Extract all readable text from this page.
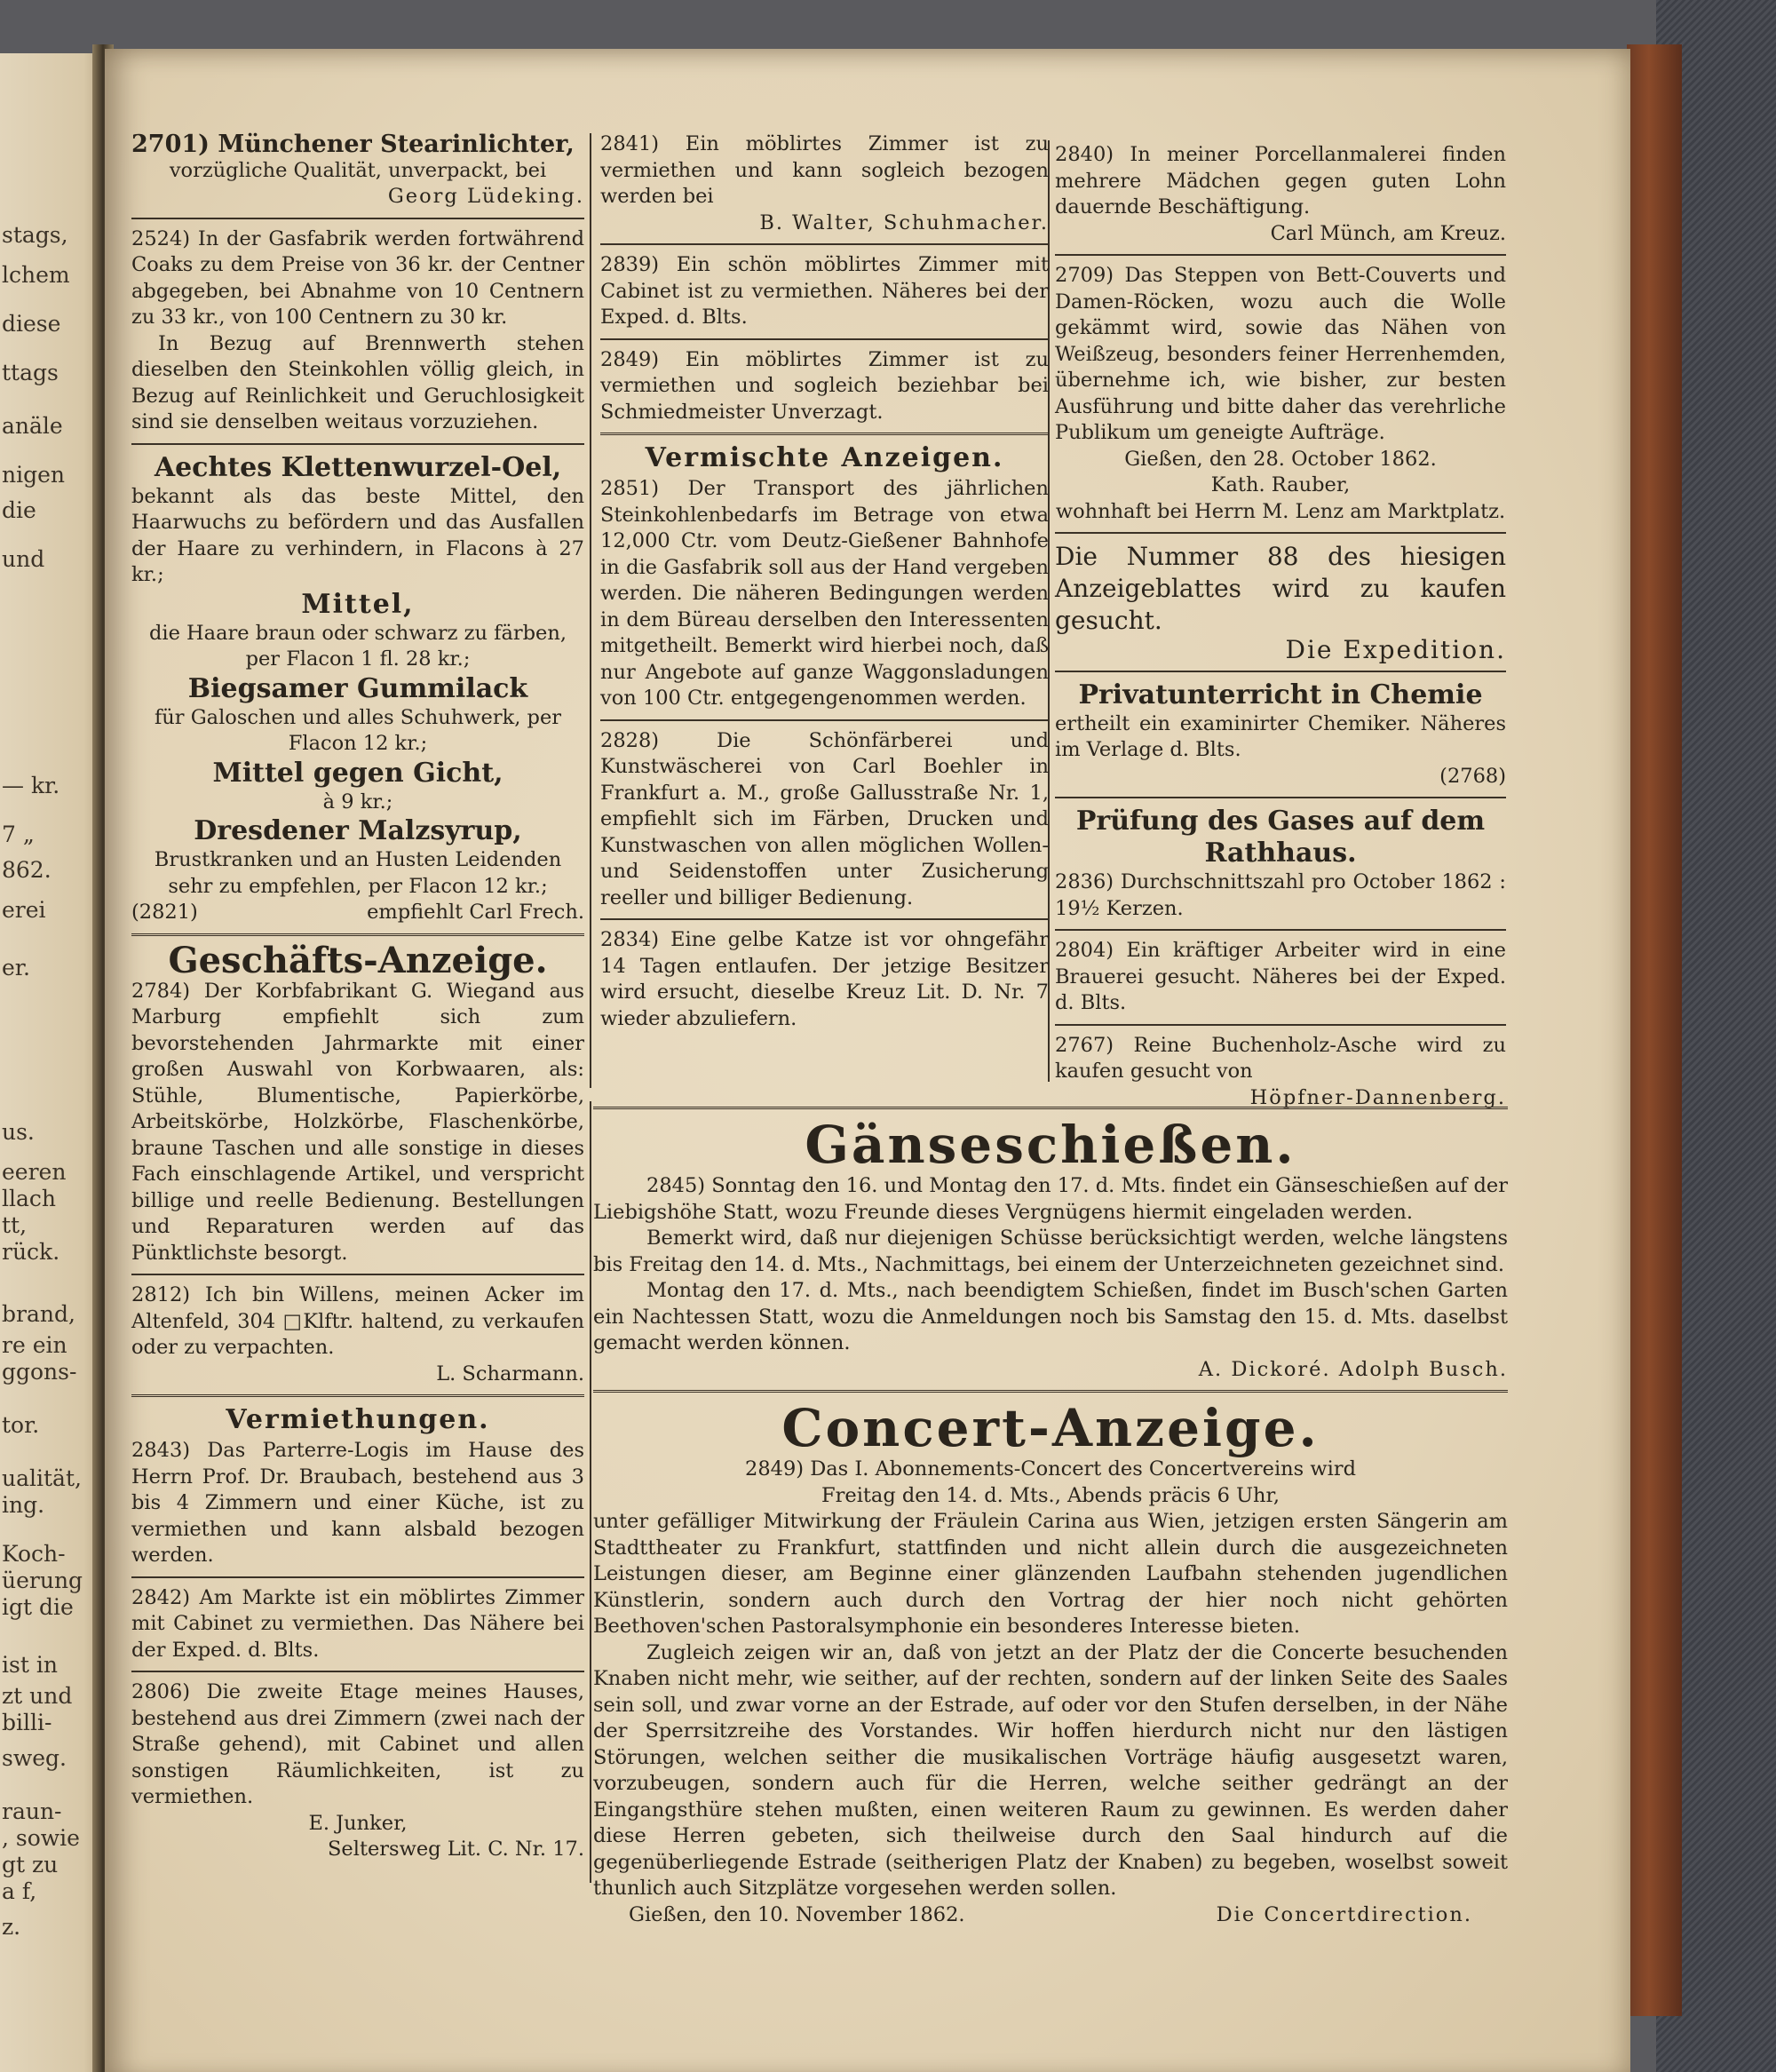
stags,
lchem
diese
ttags
anäle
nigen
die
und
— kr.
7 „
862.
erei
er.
us.
eeren
llach
tt,
rück.
brand,
re ein
ggons-
tor.
ualität,
ing.
Koch-
üerung
igt die
ist in
zt und
billi-
sweg.
raun-
, sowie
gt zu
a f,
z.

2701) Münchener Stearinlichter,

vorzügliche Qualität, unverpackt, bei

Georg Lüdeking.

2524) In der Gasfabrik werden fortwährend Coaks zu dem Preise von 36 kr. der Centner abgegeben, bei Abnahme von 10 Centnern zu 33 kr., von 100 Centnern zu 30 kr.

In Bezug auf Brennwerth stehen dieselben den Steinkohlen völlig gleich, in Bezug auf Reinlichkeit und Geruchlosigkeit sind sie denselben weitaus vorzuziehen.

Aechtes Klettenwurzel-Oel,

bekannt als das beste Mittel, den Haarwuchs zu befördern und das Ausfallen der Haare zu verhindern, in Flacons à 27 kr.;

Mittel,

die Haare braun oder schwarz zu färben, per Flacon 1 fl. 28 kr.;

Biegsamer Gummilack

für Galoschen und alles Schuhwerk, per Flacon 12 kr.;

Mittel gegen Gicht,

à 9 kr.;

Dresdener Malzsyrup,

Brustkranken und an Husten Leidenden sehr zu empfehlen, per Flacon 12 kr.;

(2821)	empfiehlt Carl Frech.

Geschäfts-Anzeige.

2784) Der Korbfabrikant G. Wiegand aus Marburg empfiehlt sich zum bevorstehenden Jahrmarkte mit einer großen Auswahl von Korbwaaren, als: Stühle, Blumentische, Papierkörbe, Arbeitskörbe, Holzkörbe, Flaschenkörbe, braune Taschen und alle sonstige in dieses Fach einschlagende Artikel, und verspricht billige und reelle Bedienung. Bestellungen und Reparaturen werden auf das Pünktlichste besorgt.

2812) Ich bin Willens, meinen Acker im Altenfeld, 304 □Klftr. haltend, zu verkaufen oder zu verpachten.

L. Scharmann.

Vermiethungen.

2843) Das Parterre-Logis im Hause des Herrn Prof. Dr. Braubach, bestehend aus 3 bis 4 Zimmern und einer Küche, ist zu vermiethen und kann alsbald bezogen werden.

2842) Am Markte ist ein möblirtes Zimmer mit Cabinet zu vermiethen. Das Nähere bei der Exped. d. Blts.

2806) Die zweite Etage meines Hauses, bestehend aus drei Zimmern (zwei nach der Straße gehend), mit Cabinet und allen sonstigen Räumlichkeiten, ist zu vermiethen.

E. Junker,

Seltersweg Lit. C. Nr. 17.

2841) Ein möblirtes Zimmer ist zu vermiethen und kann sogleich bezogen werden bei

B. Walter, Schuhmacher.

2839) Ein schön möblirtes Zimmer mit Cabinet ist zu vermiethen. Näheres bei der Exped. d. Blts.

2849) Ein möblirtes Zimmer ist zu vermiethen und sogleich beziehbar bei Schmiedmeister Unverzagt.

Vermischte Anzeigen.

2851) Der Transport des jährlichen Steinkohlenbedarfs im Betrage von etwa 12,000 Ctr. vom Deutz-Gießener Bahnhofe in die Gasfabrik soll aus der Hand vergeben werden. Die näheren Bedingungen werden in dem Büreau derselben den Interessenten mitgetheilt. Bemerkt wird hierbei noch, daß nur Angebote auf ganze Waggonsladungen von 100 Ctr. entgegengenommen werden.

2828) Die Schönfärberei und Kunstwäscherei von Carl Boehler in Frankfurt a. M., große Gallusstraße Nr. 1, empfiehlt sich im Färben, Drucken und Kunstwaschen von allen möglichen Wollen- und Seidenstoffen unter Zusicherung reeller und billiger Bedienung.

2834) Eine gelbe Katze ist vor ohngefähr 14 Tagen entlaufen. Der jetzige Besitzer wird ersucht, dieselbe Kreuz Lit. D. Nr. 7 wieder abzuliefern.

2840) In meiner Porcellanmalerei finden mehrere Mädchen gegen guten Lohn dauernde Beschäftigung.

Carl Münch, am Kreuz.

2709) Das Steppen von Bett-Couverts und Damen-Röcken, wozu auch die Wolle gekämmt wird, sowie das Nähen von Weißzeug, besonders feiner Herrenhemden, übernehme ich, wie bisher, zur besten Ausführung und bitte daher das verehrliche Publikum um geneigte Aufträge.

Gießen, den 28. October 1862.

Kath. Rauber,

wohnhaft bei Herrn M. Lenz am Marktplatz.

Die Nummer 88 des hiesigen Anzeigeblattes wird zu kaufen gesucht.

Die Expedition.

Privatunterricht in Chemie

ertheilt ein examinirter Chemiker. Näheres im Verlage d. Blts.

(2768)

Prüfung des Gases auf dem

Rathhaus.

2836) Durchschnittszahl pro October 1862 : 19½ Kerzen.

2804) Ein kräftiger Arbeiter wird in eine Brauerei gesucht. Näheres bei der Exped. d. Blts.

2767) Reine Buchenholz-Asche wird zu kaufen gesucht von

Höpfner-Dannenberg.

Gänseschießen.

2845) Sonntag den 16. und Montag den 17. d. Mts. findet ein Gänseschießen auf der Liebigshöhe Statt, wozu Freunde dieses Vergnügens hiermit eingeladen werden.

Bemerkt wird, daß nur diejenigen Schüsse berücksichtigt werden, welche längstens bis Freitag den 14. d. Mts., Nachmittags, bei einem der Unterzeichneten gezeichnet sind.

Montag den 17. d. Mts., nach beendigtem Schießen, findet im Busch'schen Garten ein Nachtessen Statt, wozu die Anmeldungen noch bis Samstag den 15. d. Mts. daselbst gemacht werden können.

A. Dickoré. Adolph Busch.

Concert-Anzeige.

2849) Das I. Abonnements-Concert des Concertvereins wird

Freitag den 14. d. Mts., Abends präcis 6 Uhr,

unter gefälliger Mitwirkung der Fräulein Carina aus Wien, jetzigen ersten Sängerin am Stadttheater zu Frankfurt, stattfinden und nicht allein durch die ausgezeichneten Leistungen dieser, am Beginne einer glänzenden Laufbahn stehenden jugendlichen Künstlerin, sondern auch durch den Vortrag der hier noch nicht gehörten Beethoven'schen Pastoralsymphonie ein besonderes Interesse bieten.

Zugleich zeigen wir an, daß von jetzt an der Platz der die Concerte besuchenden Knaben nicht mehr, wie seither, auf der rechten, sondern auf der linken Seite des Saales sein soll, und zwar vorne an der Estrade, auf oder vor den Stufen derselben, in der Nähe der Sperrsitzreihe des Vorstandes. Wir hoffen hierdurch nicht nur den lästigen Störungen, welchen seither die musikalischen Vorträge häufig ausgesetzt waren, vorzubeugen, sondern auch für die Herren, welche seither gedrängt an der Eingangsthüre stehen mußten, einen weiteren Raum zu gewinnen. Es werden daher diese Herren gebeten, sich theilweise durch den Saal hindurch auf die gegenüberliegende Estrade (seitherigen Platz der Knaben) zu begeben, woselbst soweit thunlich auch Sitzplätze vorgesehen werden sollen.

Gießen, den 10. November 1862.	Die Concertdirection.
